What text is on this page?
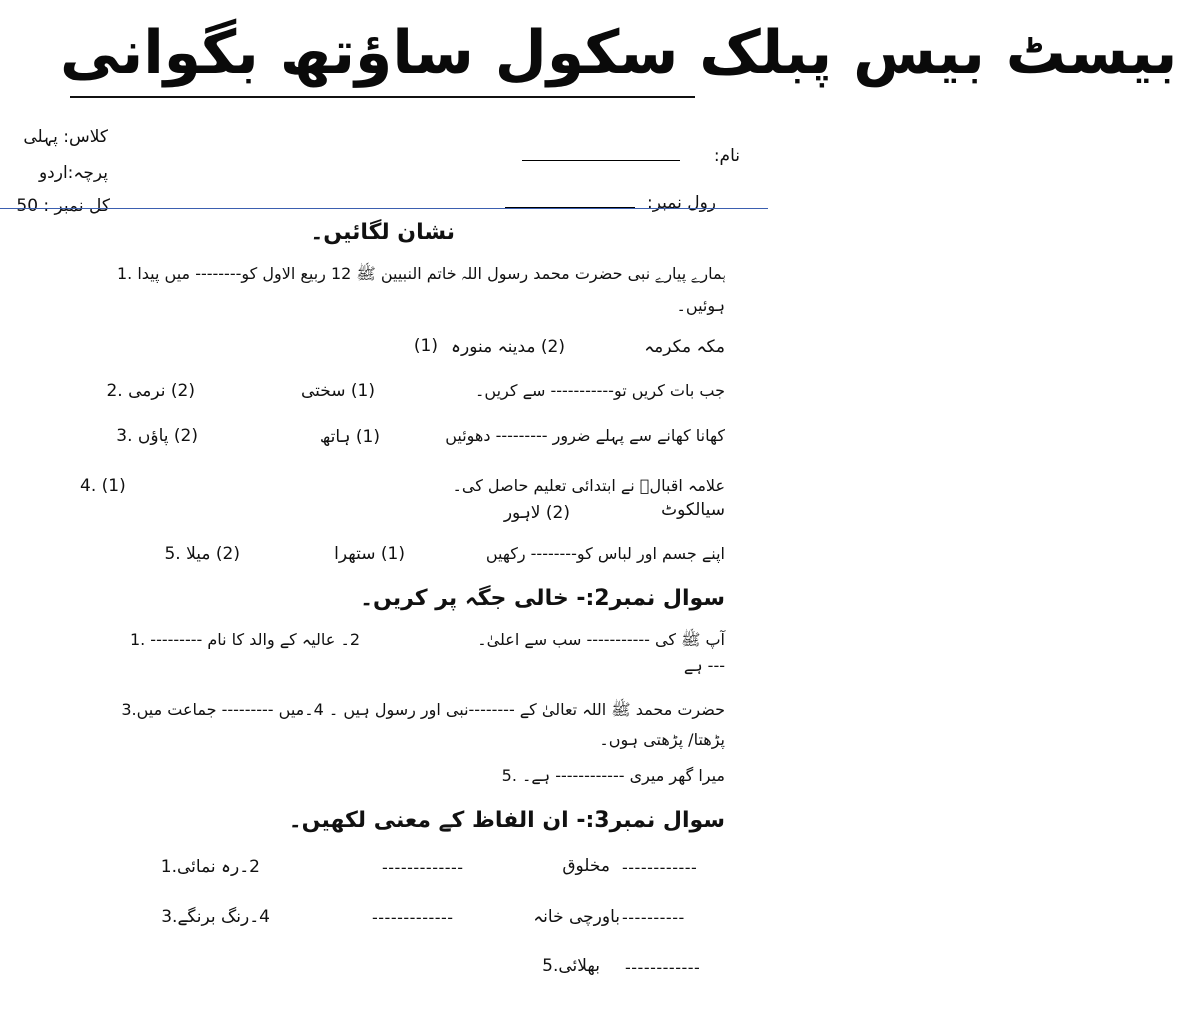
بیسٹ بیس پبلک سکول ساؤتھ بگوانی
کلاس: پہلی
پرچہ:اردو
کل نمبر : 50
نام:
رول نمبر:
نشان لگائیں۔
ہمارے پیارے نبی حضرت محمد رسول اللہ خاتم النبیین ﷺ 12 ربیع الاول کو-------- میں پیدا .1
ہوئیں۔
مکہ مکرمہ
(2) مدینہ منورہ
(1)
جب بات کریں تو----------- سے کریں۔
(1) سختی
(2) نرمی .2
کھانا کھانے سے پہلے ضرور --------- دھوئیں
(1) ہاتھ
(2) پاؤں .3
علامہ اقبالؒ نے ابتدائی تعلیم حاصل کی۔
سیالکوٹ
(2) لاہور
4. (1)
اپنے جسم اور لباس کو-------- رکھیں
(1) ستھرا
(2) میلا .5
سوال نمبر2:- خالی جگہ پر کریں۔
آپ ﷺ کی ----------- سب سے اعلیٰ۔
2۔ عالیہ کے والد کا نام --------- .1
--- ہے
حضرت محمد ﷺ اللہ تعالیٰ کے --------نبی اور رسول ہیں ۔ 4۔میں --------- جماعت میں.3
پڑھتا/ پڑھتی ہوں۔
میرا گھر میری ------------ ہے۔ .5
سوال نمبر3:- ان الفاظ کے معنی لکھیں۔
------------
مخلوق
-------------
2۔رہ نمائی.1
----------
باورچی خانہ
-------------
4۔رنگ برنگے.3
------------
بھلائی.5
